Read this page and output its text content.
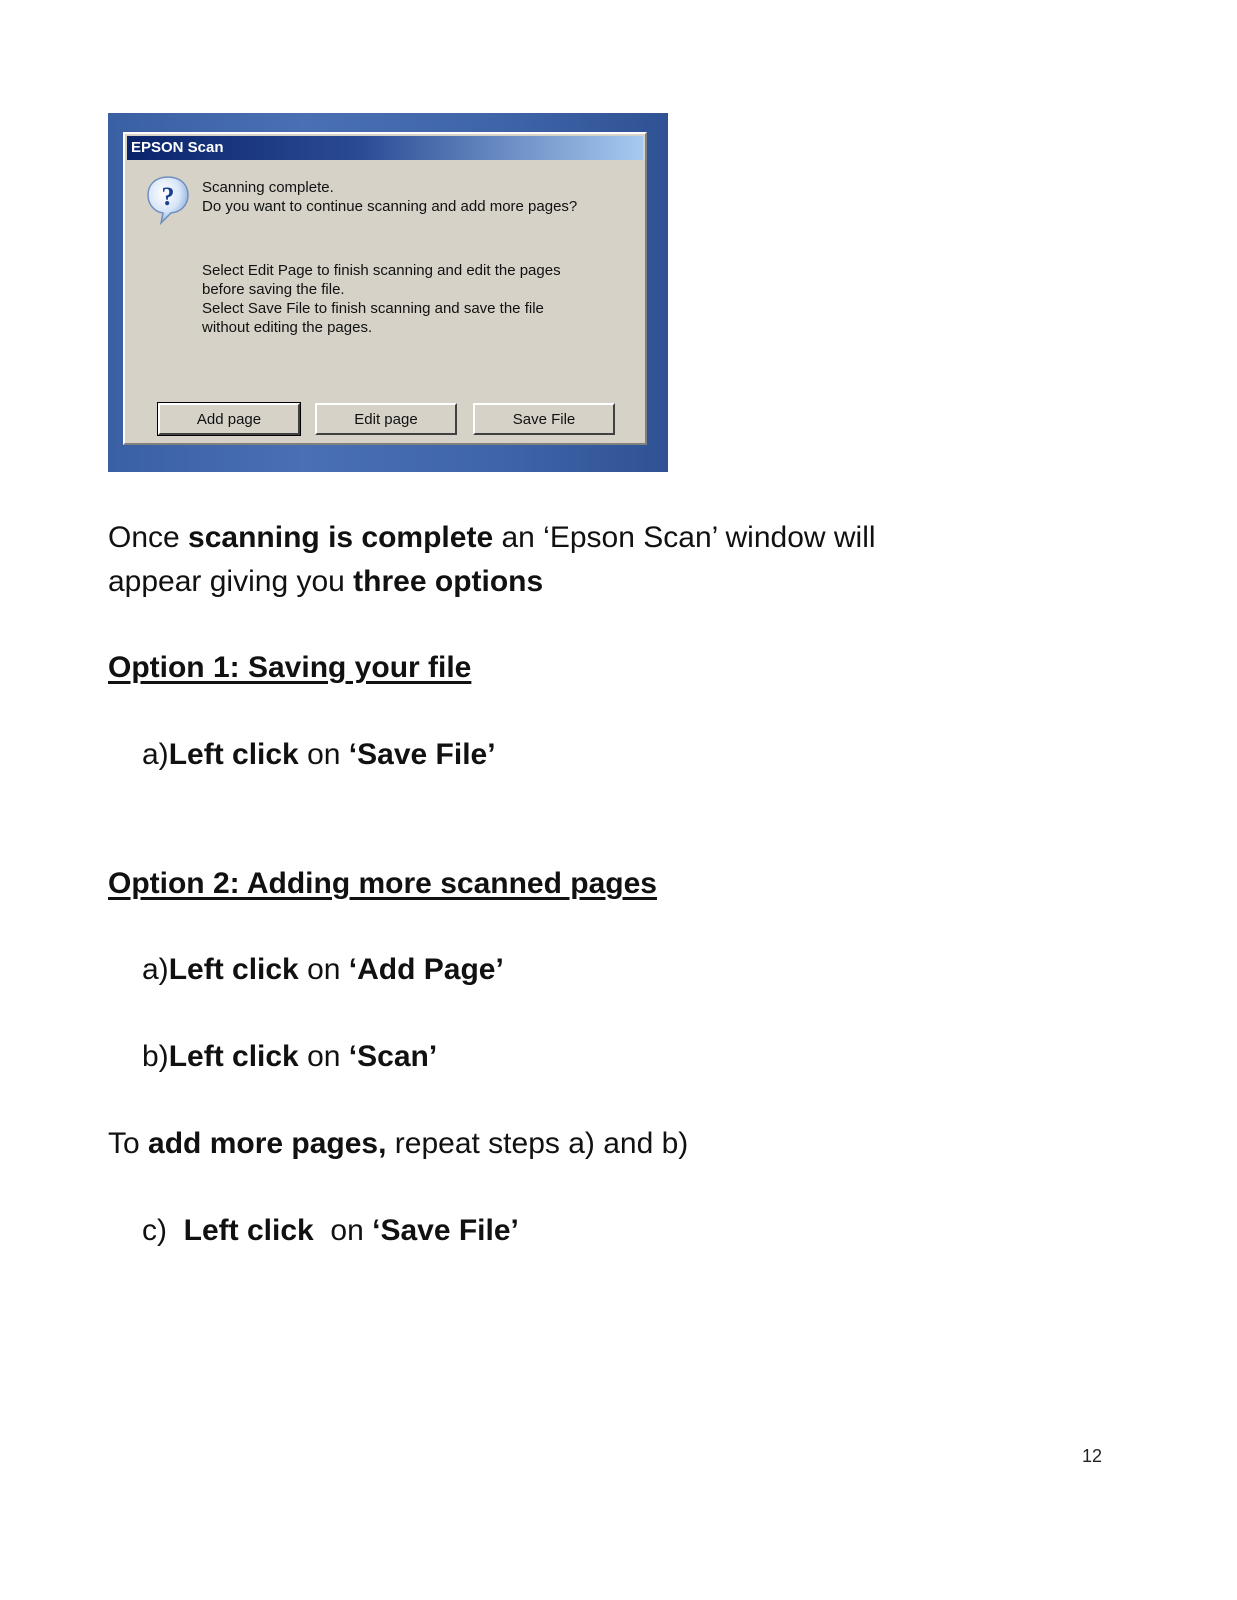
EPSON Scan
? Scanning complete.
Do you want to continue scanning and add more pages?
Select Edit Page to finish scanning and edit the pages
before saving the file.
Select Save File to finish scanning and save the file
without editing the pages.
Add page	Edit page	Save File
Once scanning is complete an ‘Epson Scan’ window will
appear giving you three options
Option 1: Saving your file
a)Left click on ‘Save File’
Option 2: Adding more scanned pages
a)Left click on ‘Add Page’
b)Left click on ‘Scan’
To add more pages, repeat steps a) and b)
c) Left click  on ‘Save File’
12
